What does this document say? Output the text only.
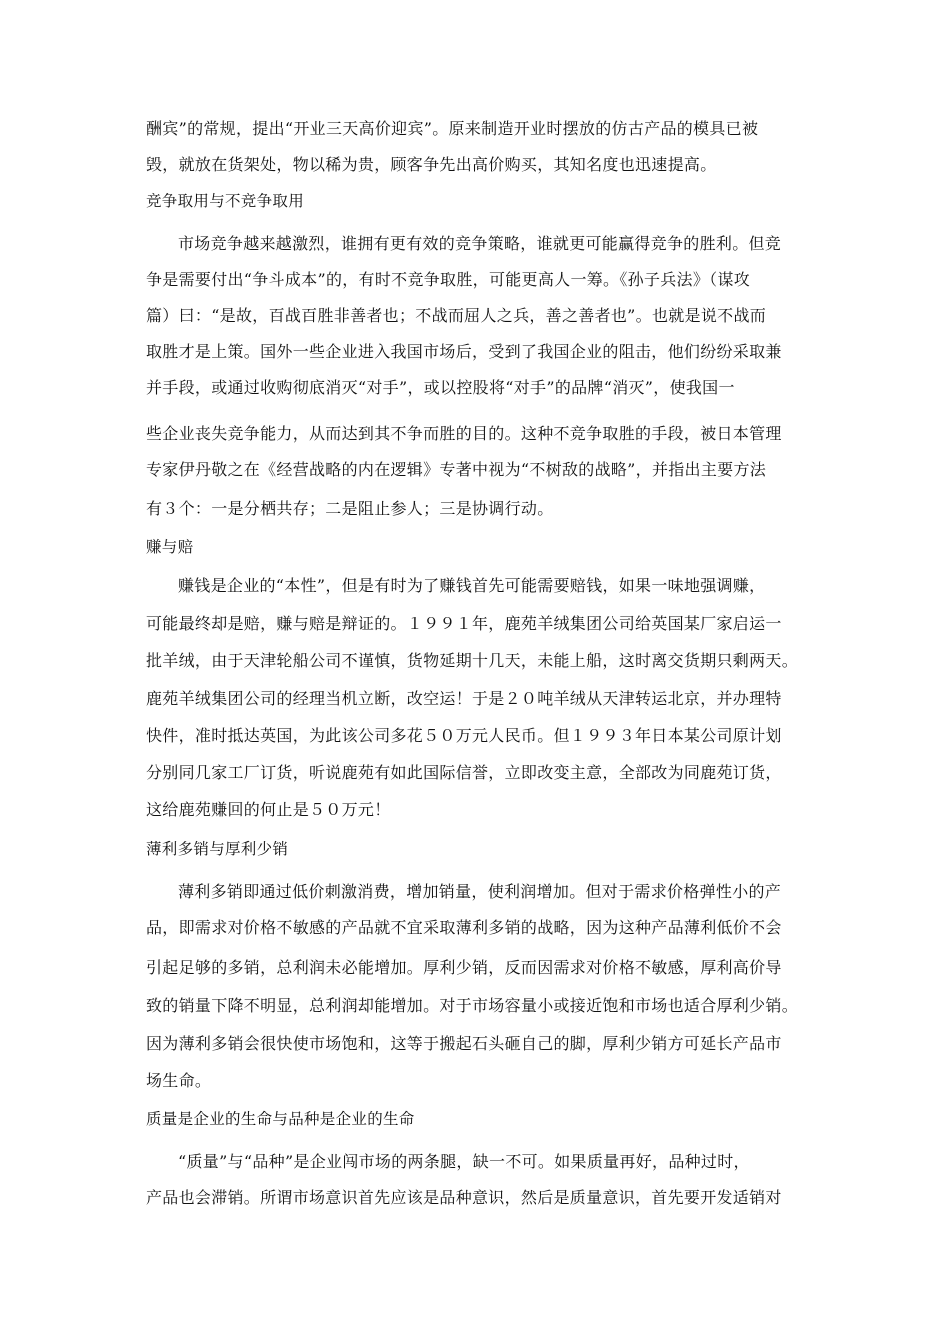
酬宾”的常规，提出“开业三天高价迎宾”。原来制造开业时摆放的仿古产品的模具已被
毁，就放在货架处，物以稀为贵，顾客争先出高价购买，其知名度也迅速提高。
竞争取用与不竞争取用
市场竞争越来越激烈，谁拥有更有效的竞争策略，谁就更可能赢得竞争的胜利。但竞
争是需要付出“争斗成本”的，有时不竞争取胜，可能更高人一筹。《孙子兵法》（谋攻
篇）曰：“是故，百战百胜非善者也；不战而屈人之兵，善之善者也”。也就是说不战而
取胜才是上策。国外一些企业进入我国市场后，受到了我国企业的阻击，他们纷纷采取兼
并手段，或通过收购彻底消灭“对手”，或以控股将“对手”的品牌“消灭”，使我国一
些企业丧失竞争能力，从而达到其不争而胜的目的。这种不竞争取胜的手段，被日本管理
专家伊丹敬之在《经营战略的内在逻辑》专著中视为“不树敌的战略”，并指出主要方法
有３个：一是分栖共存；二是阻止参人；三是协调行动。
赚与赔
赚钱是企业的“本性”，但是有时为了赚钱首先可能需要赔钱，如果一味地强调赚，
可能最终却是赔，赚与赔是辩证的。１９９１年，鹿苑羊绒集团公司给英国某厂家启运一
批羊绒，由于天津轮船公司不谨慎，货物延期十几天，未能上船，这时离交货期只剩两天。
鹿苑羊绒集团公司的经理当机立断，改空运！于是２０吨羊绒从天津转运北京，并办理特
快件，准时抵达英国，为此该公司多花５０万元人民币。但１９９３年日本某公司原计划
分别同几家工厂订货，听说鹿苑有如此国际信誉，立即改变主意，全部改为同鹿苑订货，
这给鹿苑赚回的何止是５０万元！
薄利多销与厚利少销
薄利多销即通过低价刺激消费，增加销量，使利润增加。但对于需求价格弹性小的产
品，即需求对价格不敏感的产品就不宜采取薄利多销的战略，因为这种产品薄利低价不会
引起足够的多销，总利润未必能增加。厚利少销，反而因需求对价格不敏感，厚利高价导
致的销量下降不明显，总利润却能增加。对于市场容量小或接近饱和市场也适合厚利少销。
因为薄利多销会很快使市场饱和，这等于搬起石头砸自己的脚，厚利少销方可延长产品市
场生命。
质量是企业的生命与品种是企业的生命
“质量”与“品种”是企业闯市场的两条腿，缺一不可。如果质量再好，品种过时，
产品也会滞销。所谓市场意识首先应该是品种意识，然后是质量意识，首先要开发适销对
